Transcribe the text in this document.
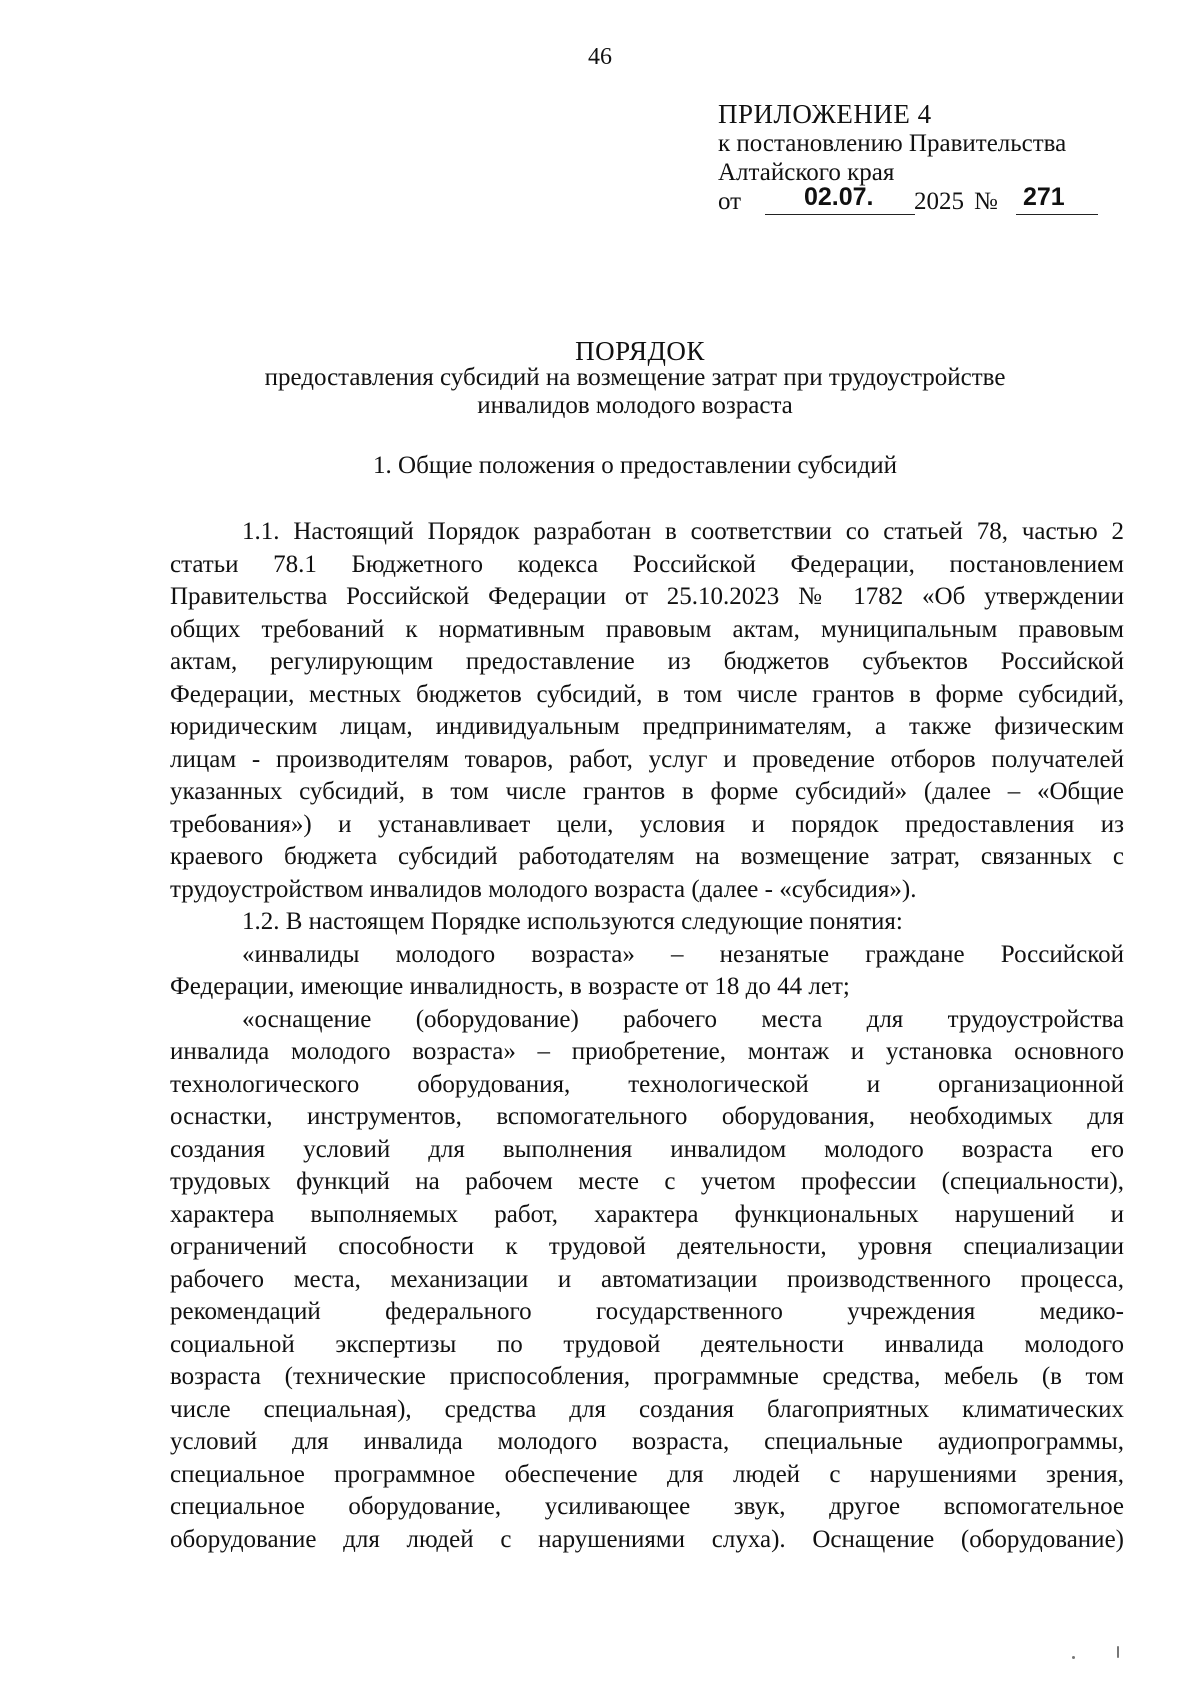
46
ПРИЛОЖЕНИЕ 4
к постановлению Правительства
Алтайского края
от	02.07. 2025 № 271
ПОРЯДОК
предоставления субсидий на возмещение затрат при трудоустройстве
инвалидов молодого возраста
1. Общие положения о предоставлении субсидий
1.1. Настоящий Порядок разработан в соответствии со статьей 78, частью 2
статьи 78.1 Бюджетного кодекса Российской Федерации, постановлением
Правительства Российской Федерации от 25.10.2023 № 1782 «Об утверждении
общих требований к нормативным правовым актам, муниципальным правовым
актам, регулирующим предоставление из бюджетов субъектов Российской
Федерации, местных бюджетов субсидий, в том числе грантов в форме субсидий,
юридическим лицам, индивидуальным предпринимателям, а также физическим
лицам - производителям товаров, работ, услуг и проведение отборов получателей
указанных субсидий, в том числе грантов в форме субсидий» (далее – «Общие
требования») и устанавливает цели, условия и порядок предоставления из
краевого бюджета субсидий работодателям на возмещение затрат, связанных с
трудоустройством инвалидов молодого возраста (далее - «субсидия»).
1.2. В настоящем Порядке используются следующие понятия:
«инвалиды молодого возраста» – незанятые граждане Российской
Федерации, имеющие инвалидность, в возрасте от 18 до 44 лет;
«оснащение (оборудование) рабочего места для трудоустройства
инвалида молодого возраста» – приобретение, монтаж и установка основного
технологического оборудования, технологической и организационной
оснастки, инструментов, вспомогательного оборудования, необходимых для
создания условий для выполнения инвалидом молодого возраста его
трудовых функций на рабочем месте с учетом профессии (специальности),
характера выполняемых работ, характера функциональных нарушений и
ограничений способности к трудовой деятельности, уровня специализации
рабочего места, механизации и автоматизации производственного процесса,
рекомендаций федерального государственного учреждения медико-
социальной экспертизы по трудовой деятельности инвалида молодого
возраста (технические приспособления, программные средства, мебель (в том
числе специальная), средства для создания благоприятных климатических
условий для инвалида молодого возраста, специальные аудиопрограммы,
специальное программное обеспечение для людей с нарушениями зрения,
специальное оборудование, усиливающее звук, другое вспомогательное
оборудование для людей с нарушениями слуха). Оснащение (оборудование)
